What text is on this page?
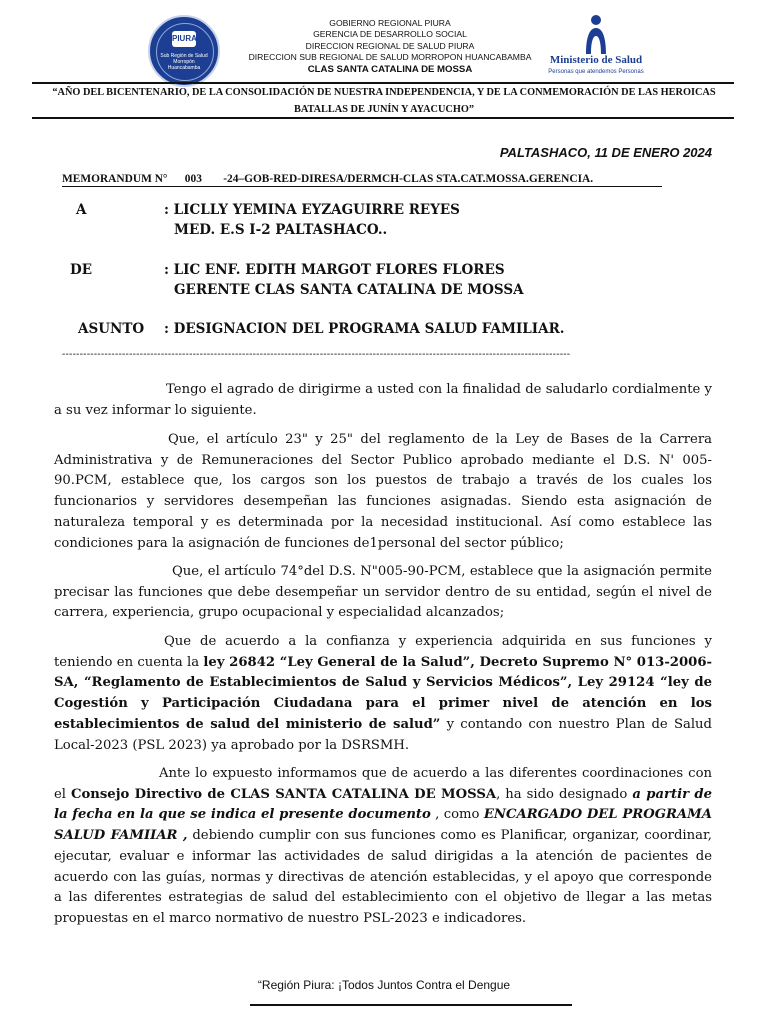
PIURA
Sub Región de Salud Morropón Huancabamba
GOBIERNO REGIONAL PIURA
GERENCIA DE DESARROLLO SOCIAL
DIRECCION REGIONAL DE SALUD PIURA
DIRECCION SUB REGIONAL DE SALUD MORROPON HUANCABAMBA
CLAS SANTA CATALINA DE MOSSA
Ministerio de Salud
Personas que atendemos Personas
“AÑO DEL BICENTENARIO, DE LA CONSOLIDACIÓN DE NUESTRA INDEPENDENCIA, Y DE LA CONMEMORACIÓN DE LAS HEROICAS BATALLAS DE JUNÍN Y AYACUCHO”
PALTASHACO, 11 DE ENERO 2024
MEMORANDUM N° 003 -24–GOB-RED-DIRESA/DERMCH-CLAS STA.CAT.MOSSA.GERENCIA.
A	: LICLLY YEMINA EYZAGUIRRE REYES
MED. E.S I-2 PALTASHACO..
DE	: LIC ENF. EDITH MARGOT FLORES FLORES
GERENTE CLAS SANTA CATALINA DE MOSSA
ASUNTO : DESIGNACION DEL PROGRAMA SALUD FAMILIAR.
------------------------------------------------------------------------------------------------------------------------------------------------

Tengo el agrado de dirigirme a usted con la finalidad de saludarlo cordialmente y a su vez informar lo siguiente.

Que, el artículo 23" y 25" del reglamento de la Ley de Bases de la Carrera Administrativa y de Remuneraciones del Sector Publico aprobado mediante el D.S. N' 005-90.PCM, establece que, los cargos son los puestos de trabajo a través de los cuales los funcionarios y servidores desempeñan las funciones asignadas. Siendo esta asignación de naturaleza temporal y es determinada por la necesidad institucional. Así como establece las condiciones para la asignación de funciones de1personal del sector público;

Que, el artículo 74°del D.S. N"005-90-PCM, establece que la asignación permite precisar las funciones que debe desempeñar un servidor dentro de su entidad, según el nivel de carrera, experiencia, grupo ocupacional y especialidad alcanzados;

Que de acuerdo a la confianza y experiencia adquirida en sus funciones y teniendo en cuenta la ley 26842 “Ley General de la Salud”, Decreto Supremo N° 013-2006-SA, “Reglamento de Establecimientos de Salud y Servicios Médicos”, Ley 29124 “ley de Cogestión y Participación Ciudadana para el primer nivel de atención en los establecimientos de salud del ministerio de salud” y contando con nuestro Plan de Salud Local-2023 (PSL 2023) ya aprobado por la DSRSMH.

Ante lo expuesto informamos que de acuerdo a las diferentes coordinaciones con el Consejo Directivo de CLAS SANTA CATALINA DE MOSSA, ha sido designado a partir de la fecha en la que se indica el presente documento , como ENCARGADO DEL PROGRAMA SALUD FAMIIAR , debiendo cumplir con sus funciones como es Planificar, organizar, coordinar, ejecutar, evaluar e informar las actividades de salud dirigidas a la atención de pacientes de acuerdo con las guías, normas y directivas de atención establecidas, y el apoyo que corresponde a las diferentes estrategias de salud del establecimiento con el objetivo de llegar a las metas propuestas en el marco normativo de nuestro PSL-2023 e indicadores.

“Región Piura: ¡Todos Juntos Contra el Dengue
